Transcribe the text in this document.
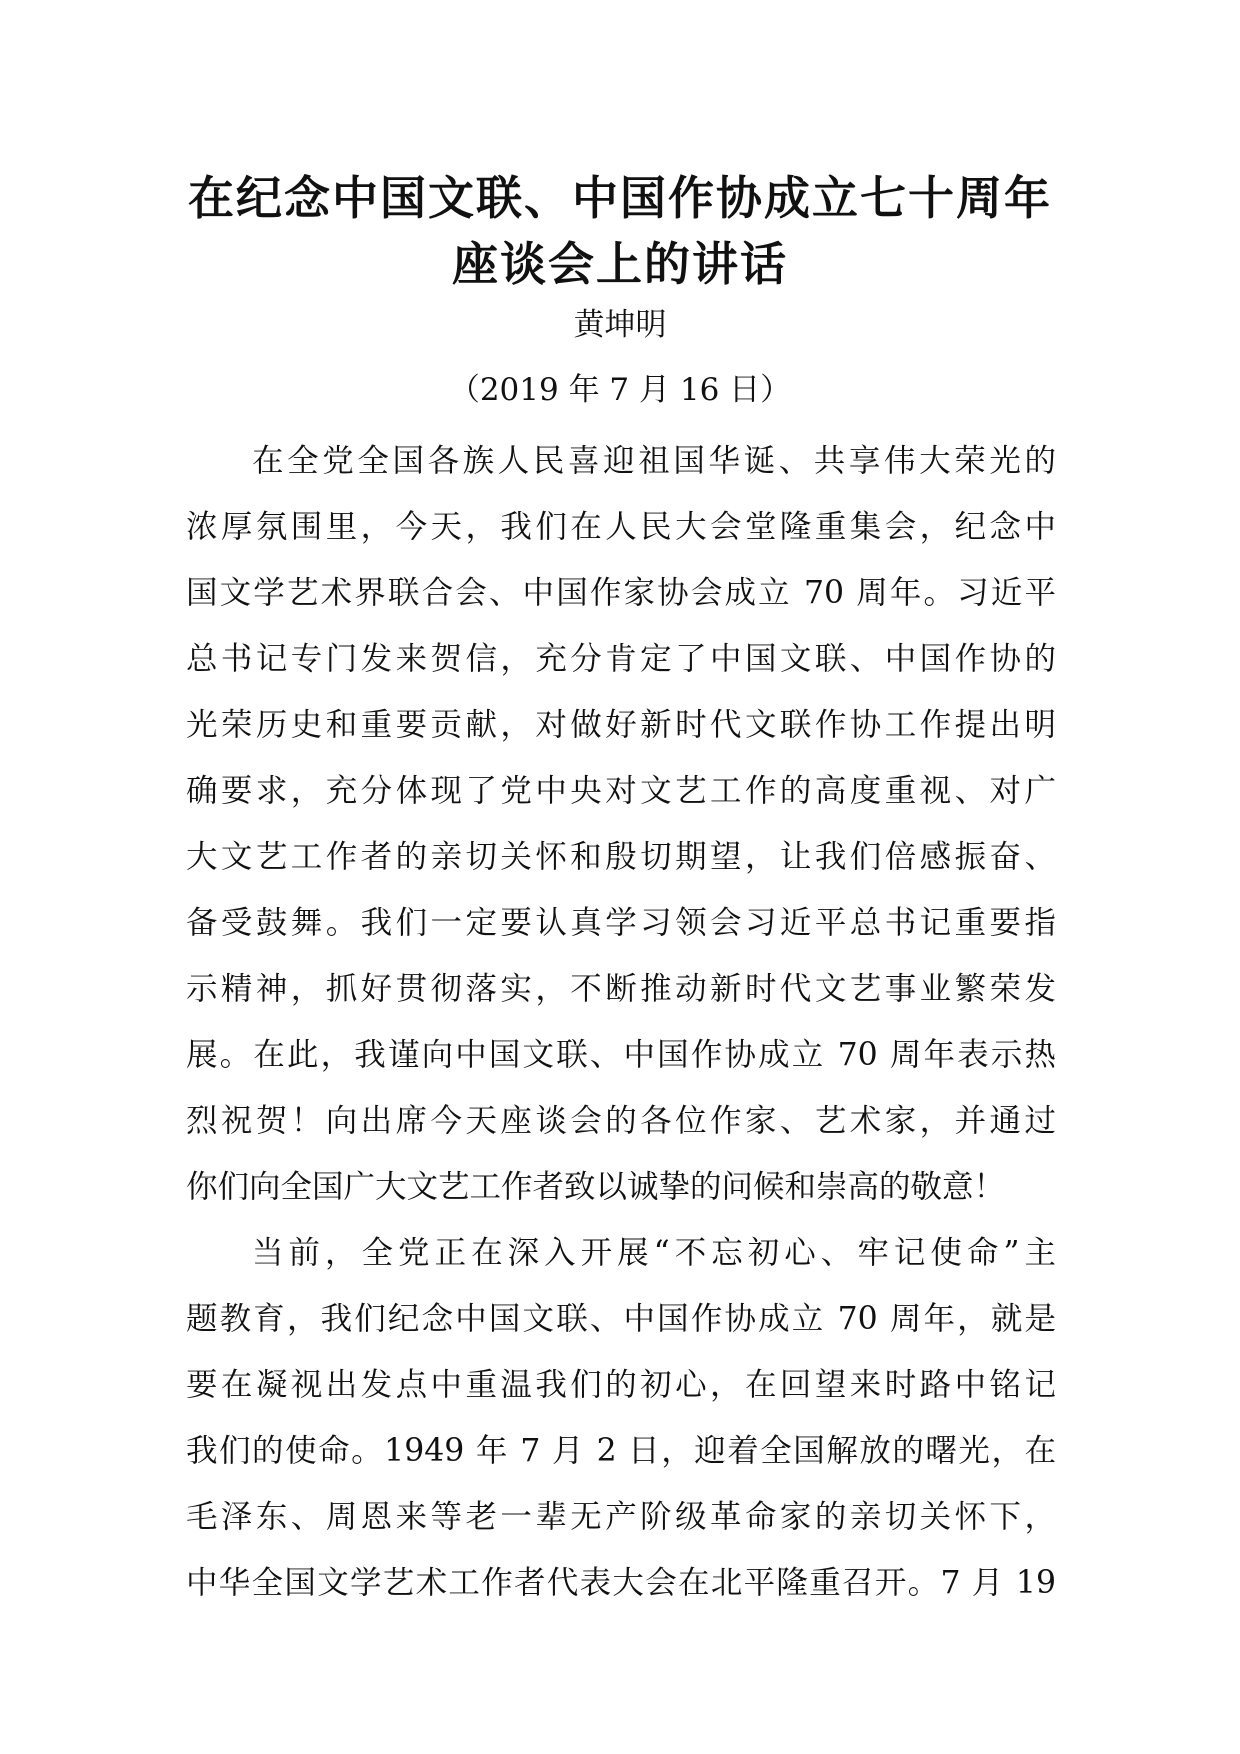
在纪念中国文联、中国作协成立七十周年
座谈会上的讲话
黄坤明
（2019 年 7 月 16 日）
在全党全国各族人民喜迎祖国华诞、共享伟大荣光的
浓厚氛围里，今天，我们在人民大会堂隆重集会，纪念中
国文学艺术界联合会、中国作家协会成立 70 周年。习近平
总书记专门发来贺信，充分肯定了中国文联、中国作协的
光荣历史和重要贡献，对做好新时代文联作协工作提出明
确要求，充分体现了党中央对文艺工作的高度重视、对广
大文艺工作者的亲切关怀和殷切期望，让我们倍感振奋、
备受鼓舞。我们一定要认真学习领会习近平总书记重要指
示精神，抓好贯彻落实，不断推动新时代文艺事业繁荣发
展。在此，我谨向中国文联、中国作协成立 70 周年表示热
烈祝贺！向出席今天座谈会的各位作家、艺术家，并通过
你们向全国广大文艺工作者致以诚挚的问候和崇高的敬意！
当前，全党正在深入开展“不忘初心、牢记使命”主
题教育，我们纪念中国文联、中国作协成立 70 周年，就是
要在凝视出发点中重温我们的初心，在回望来时路中铭记
我们的使命。1949 年 7 月 2 日，迎着全国解放的曙光，在
毛泽东、周恩来等老一辈无产阶级革命家的亲切关怀下，
中华全国文学艺术工作者代表大会在北平隆重召开。7 月 19
